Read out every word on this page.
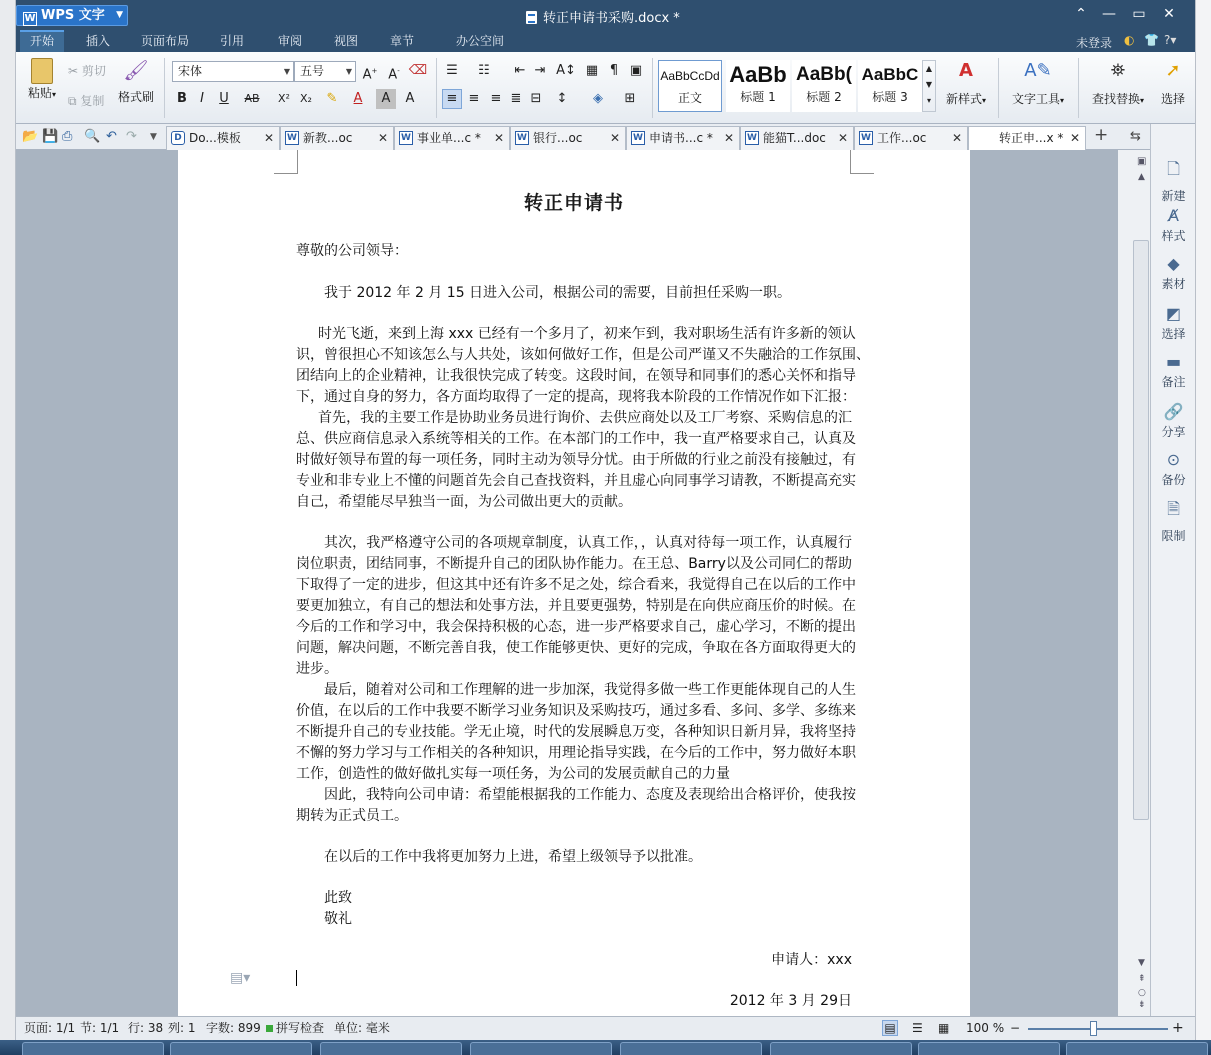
W WPS 文字 ▼	转正申请书采购.docx *	⌃	—	▭	✕
开始	插入	页面布局	引用	审阅	视图	章节	办公空间	未登录 ◐ 👕 ?▾
粘贴▾
✂ 剪切
⧉ 复制
🖌
格式刷
宋体	▼ 五号	▼ A+ A- ⌫
B	I	U	AB	X² X₂	✎	A	A	A
☰	☷	⇤ ⇥ A↕ ▦ ¶ ▣
≡ ≡ ≡ ≣ ⊟	↕	◈	⊞
AaBbCcDd
正文
AaBb
标题 1
AaBb(
标题 2
AaBbC
标题 3
▲
▼
▾
A
新样式▾
A✎
文字工具▾
⛯
查找替换▾
➚
选择
📂 💾 ⎙ 🔍 ↶ ↷ ▼	D Do...模板 ✕ W 新教...oc ✕ W 事业单...c * ✕ W 银行...oc ✕ W 申请书...c * ✕ W 能猫T...doc ✕ W 工作...oc ✕	转正申...x * ✕ + ⇆
转正申请书
尊敬的公司领导：
我于 2012 年 2 月 15 日进入公司，根据公司的需要，目前担任采购一职。
时光飞逝，来到上海 xxx 已经有一个多月了，初来乍到，我对职场生活有许多新的领认
识，曾很担心不知该怎么与人共处，该如何做好工作，但是公司严谨又不失融洽的工作氛围、
团结向上的企业精神，让我很快完成了转变。这段时间，在领导和同事们的悉心关怀和指导
下，通过自身的努力，各方面均取得了一定的提高，现将我本阶段的工作情况作如下汇报：
首先，我的主要工作是协助业务员进行询价、去供应商处以及工厂考察、采购信息的汇
总、供应商信息录入系统等相关的工作。在本部门的工作中，我一直严格要求自己，认真及
时做好领导布置的每一项任务，同时主动为领导分忧。由于所做的行业之前没有接触过，有
专业和非专业上不懂的问题首先会自己查找资料，并且虚心向同事学习请教，不断提高充实
自己，希望能尽早独当一面，为公司做出更大的贡献。
其次，我严格遵守公司的各项规章制度，认真工作，，认真对待每一项工作，认真履行
岗位职责，团结同事，不断提升自己的团队协作能力。在王总、Barry以及公司同仁的帮助
下取得了一定的进步，但这其中还有许多不足之处，综合看来，我觉得自己在以后的工作中
要更加独立，有自己的想法和处事方法，并且要更强势，特别是在向供应商压价的时候。在
今后的工作和学习中，我会保持积极的心态，进一步严格要求自己，虚心学习，不断的提出
问题，解决问题，不断完善自我，使工作能够更快、更好的完成，争取在各方面取得更大的
进步。
最后，随着对公司和工作理解的进一步加深，我觉得多做一些工作更能体现自己的人生
价值，在以后的工作中我要不断学习业务知识及采购技巧，通过多看、多问、多学、多练来
不断提升自己的专业技能。学无止境，时代的发展瞬息万变，各种知识日新月异，我将坚持
不懈的努力学习与工作相关的各种知识，用理论指导实践，在今后的工作中，努力做好本职
工作，创造性的做好做扎实每一项任务，为公司的发展贡献自己的力量
因此，我特向公司申请：希望能根据我的工作能力、态度及表现给出合格评价，使我按
期转为正式员工。
在以后的工作中我将更加努力上进，希望上级领导予以批准。
此致
敬礼
申请人：xxx
▤▾
2012 年 3 月 29日
▣
▲
▼
⇞
○
⇟
🗋
新建
A̸
样式
◆
素材
◩
选择
▬
备注
🔗
分享
⊙
备份
🗎
限制
页面: 1/1 节: 1/1 行: 38 列: 1 字数: 899	拼写检查 单位: 毫米	▤ ☰ ▦ 100 % −	+
